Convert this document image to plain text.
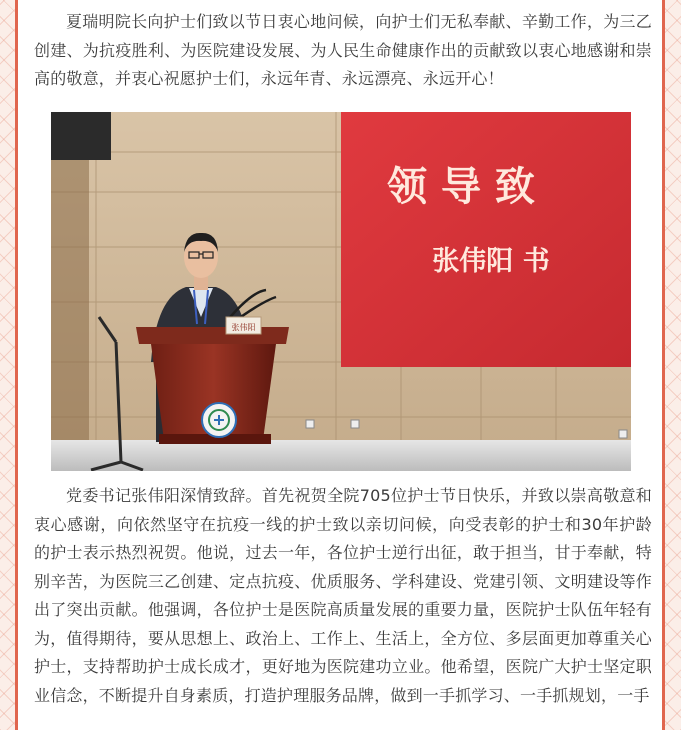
夏瑞明院长向护士们致以节日衷心地问候，向护士们无私奉献、辛勤工作，为三乙创建、为抗疫胜利、为医院建设发展、为人民生命健康作出的贡献致以衷心地感谢和崇高的敬意，并衷心祝愿护士们，永远年青、永远漂亮、永远开心！

领 导 致
张伟阳 书
张伟阳

党委书记张伟阳深情致辞。首先祝贺全院705位护士节日快乐，并致以崇高敬意和衷心感谢，向依然坚守在抗疫一线的护士致以亲切问候，向受表彰的护士和30年护龄的护士表示热烈祝贺。他说，过去一年，各位护士逆行出征，敢于担当，甘于奉献，特别辛苦，为医院三乙创建、定点抗疫、优质服务、学科建设、党建引领、文明建设等作出了突出贡献。他强调，各位护士是医院高质量发展的重要力量，医院护士队伍年轻有为，值得期待，要从思想上、政治上、工作上、生活上，全方位、多层面更加尊重关心护士，支持帮助护士成长成才，更好地为医院建功立业。他希望，医院广大护士坚定职业信念，不断提升自身素质，打造护理服务品牌，做到一手抓学习、一手抓规划，一手
